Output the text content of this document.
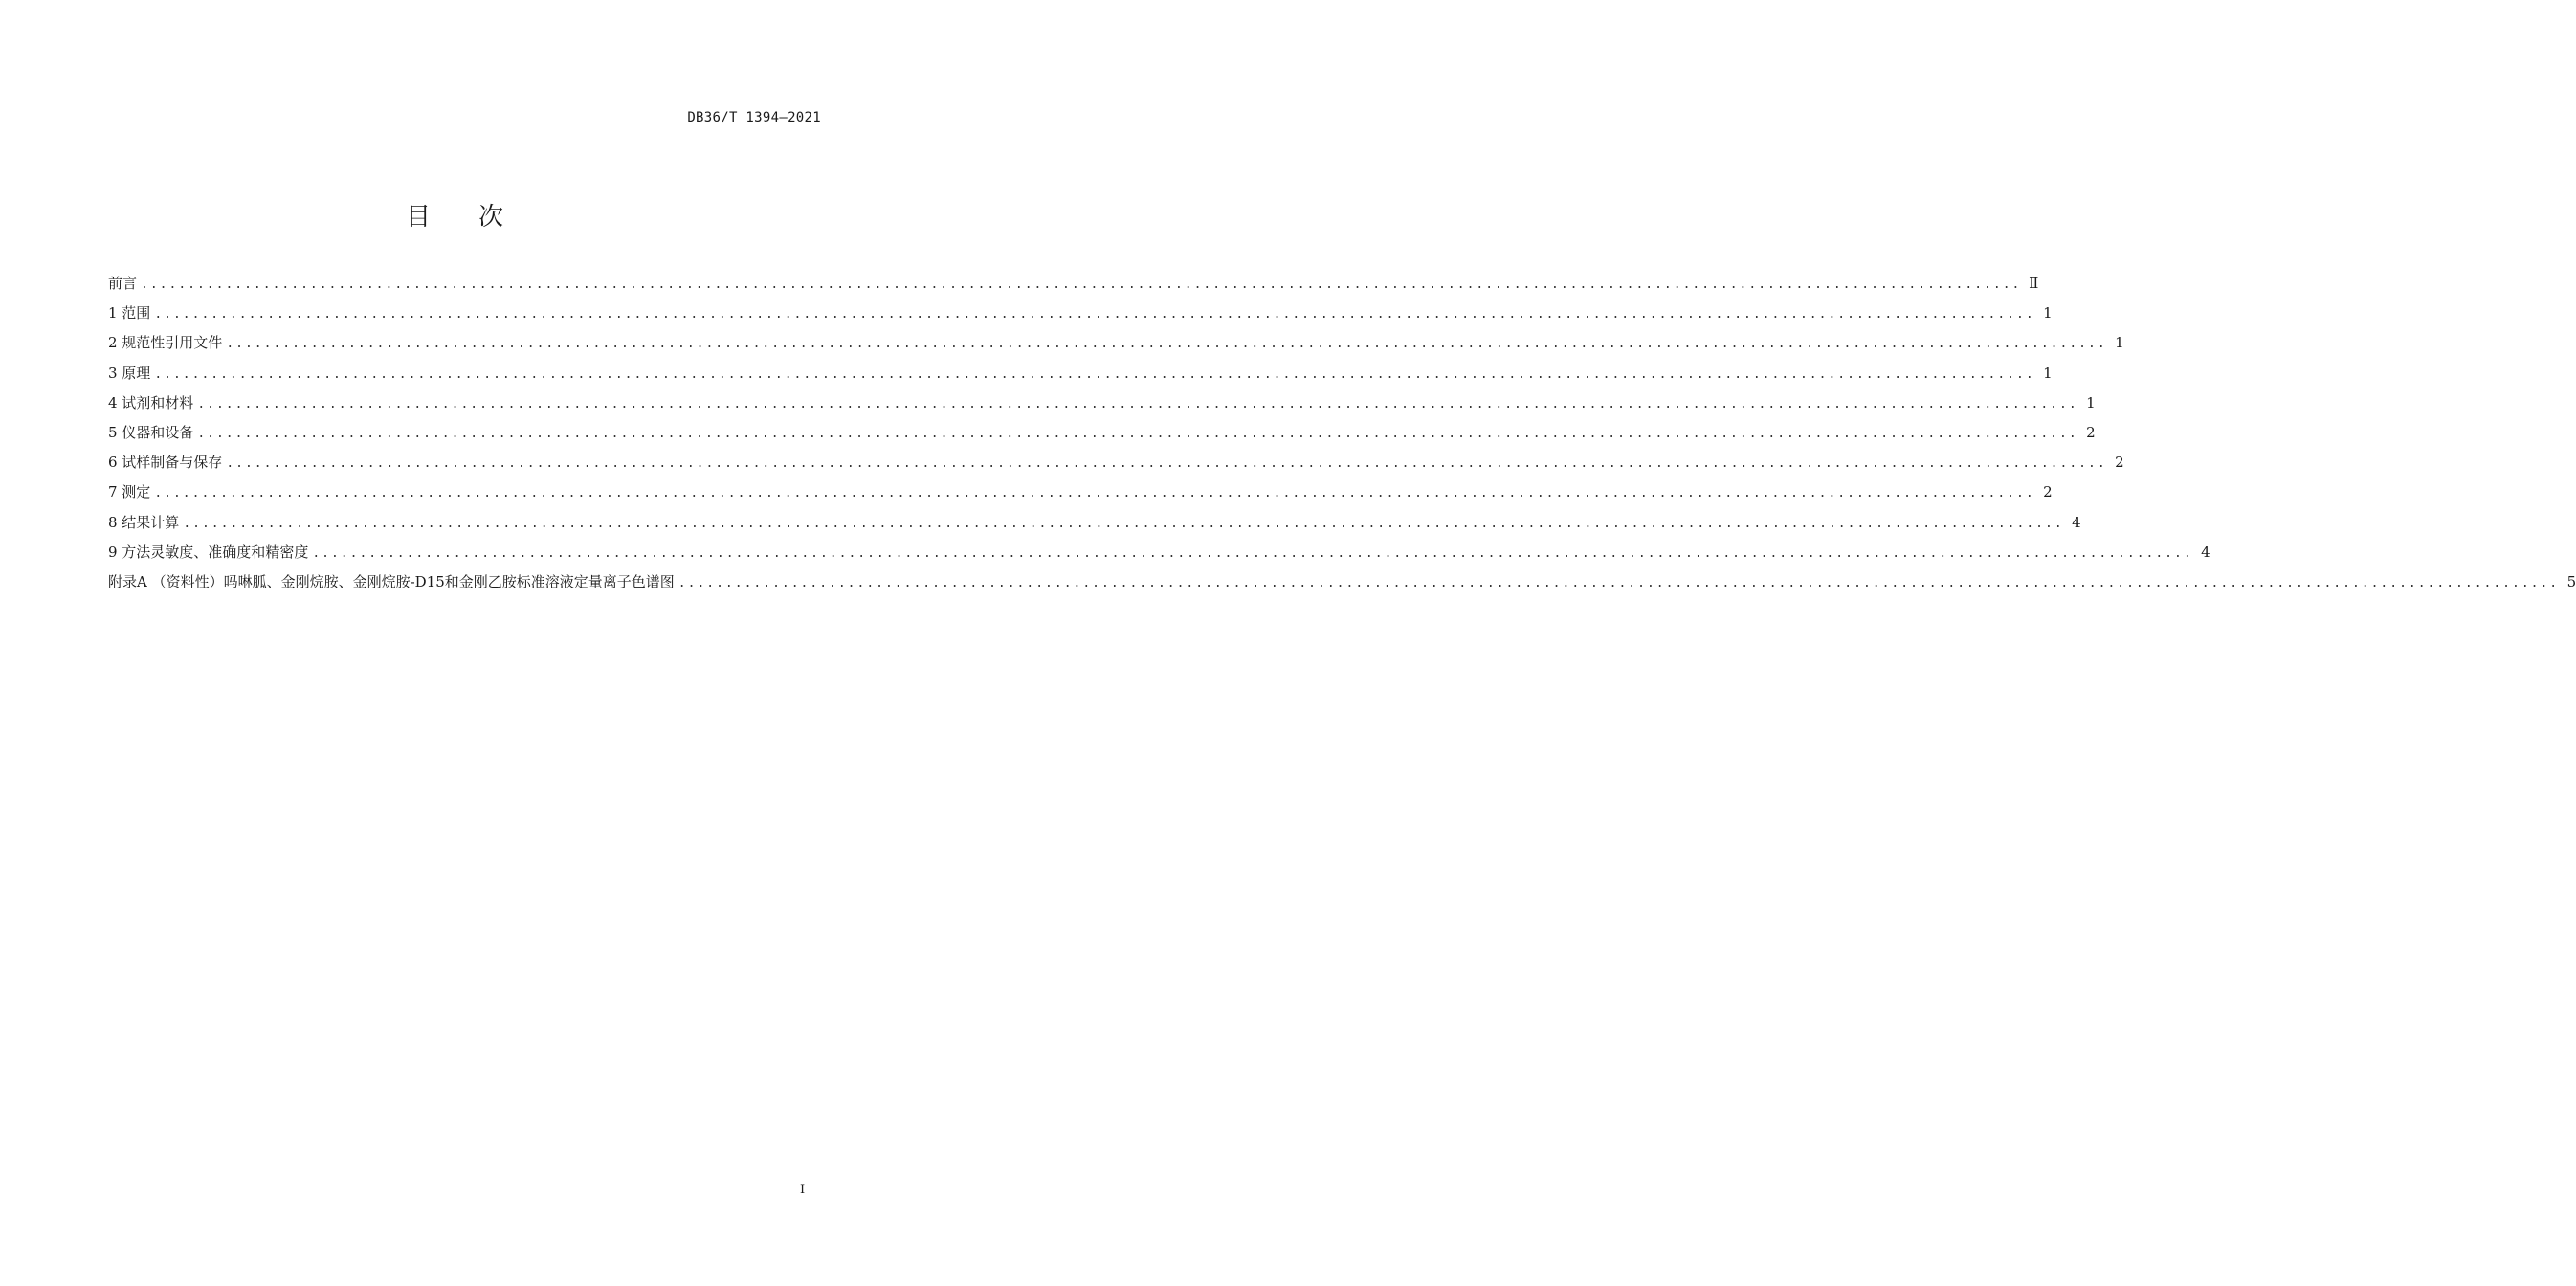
DB36/T 1394—2021
目 次
前言 ........................................................................................................................................................................................................ Ⅱ
1 范围 ........................................................................................................................................................................................................ 1
2 规范性引用文件 ........................................................................................................................................................................................................ 1
3 原理 ........................................................................................................................................................................................................ 1
4 试剂和材料 ........................................................................................................................................................................................................ 1
5 仪器和设备 ........................................................................................................................................................................................................ 2
6 试样制备与保存 ........................................................................................................................................................................................................ 2
7 测定 ........................................................................................................................................................................................................ 2
8 结果计算 ........................................................................................................................................................................................................ 4
9 方法灵敏度、准确度和精密度 ........................................................................................................................................................................................................ 4
附录A （资料性）吗啉胍、金刚烷胺、金刚烷胺-D15和金刚乙胺标准溶液定量离子色谱图 ........................................................................................................................................................................................................ 5
I
